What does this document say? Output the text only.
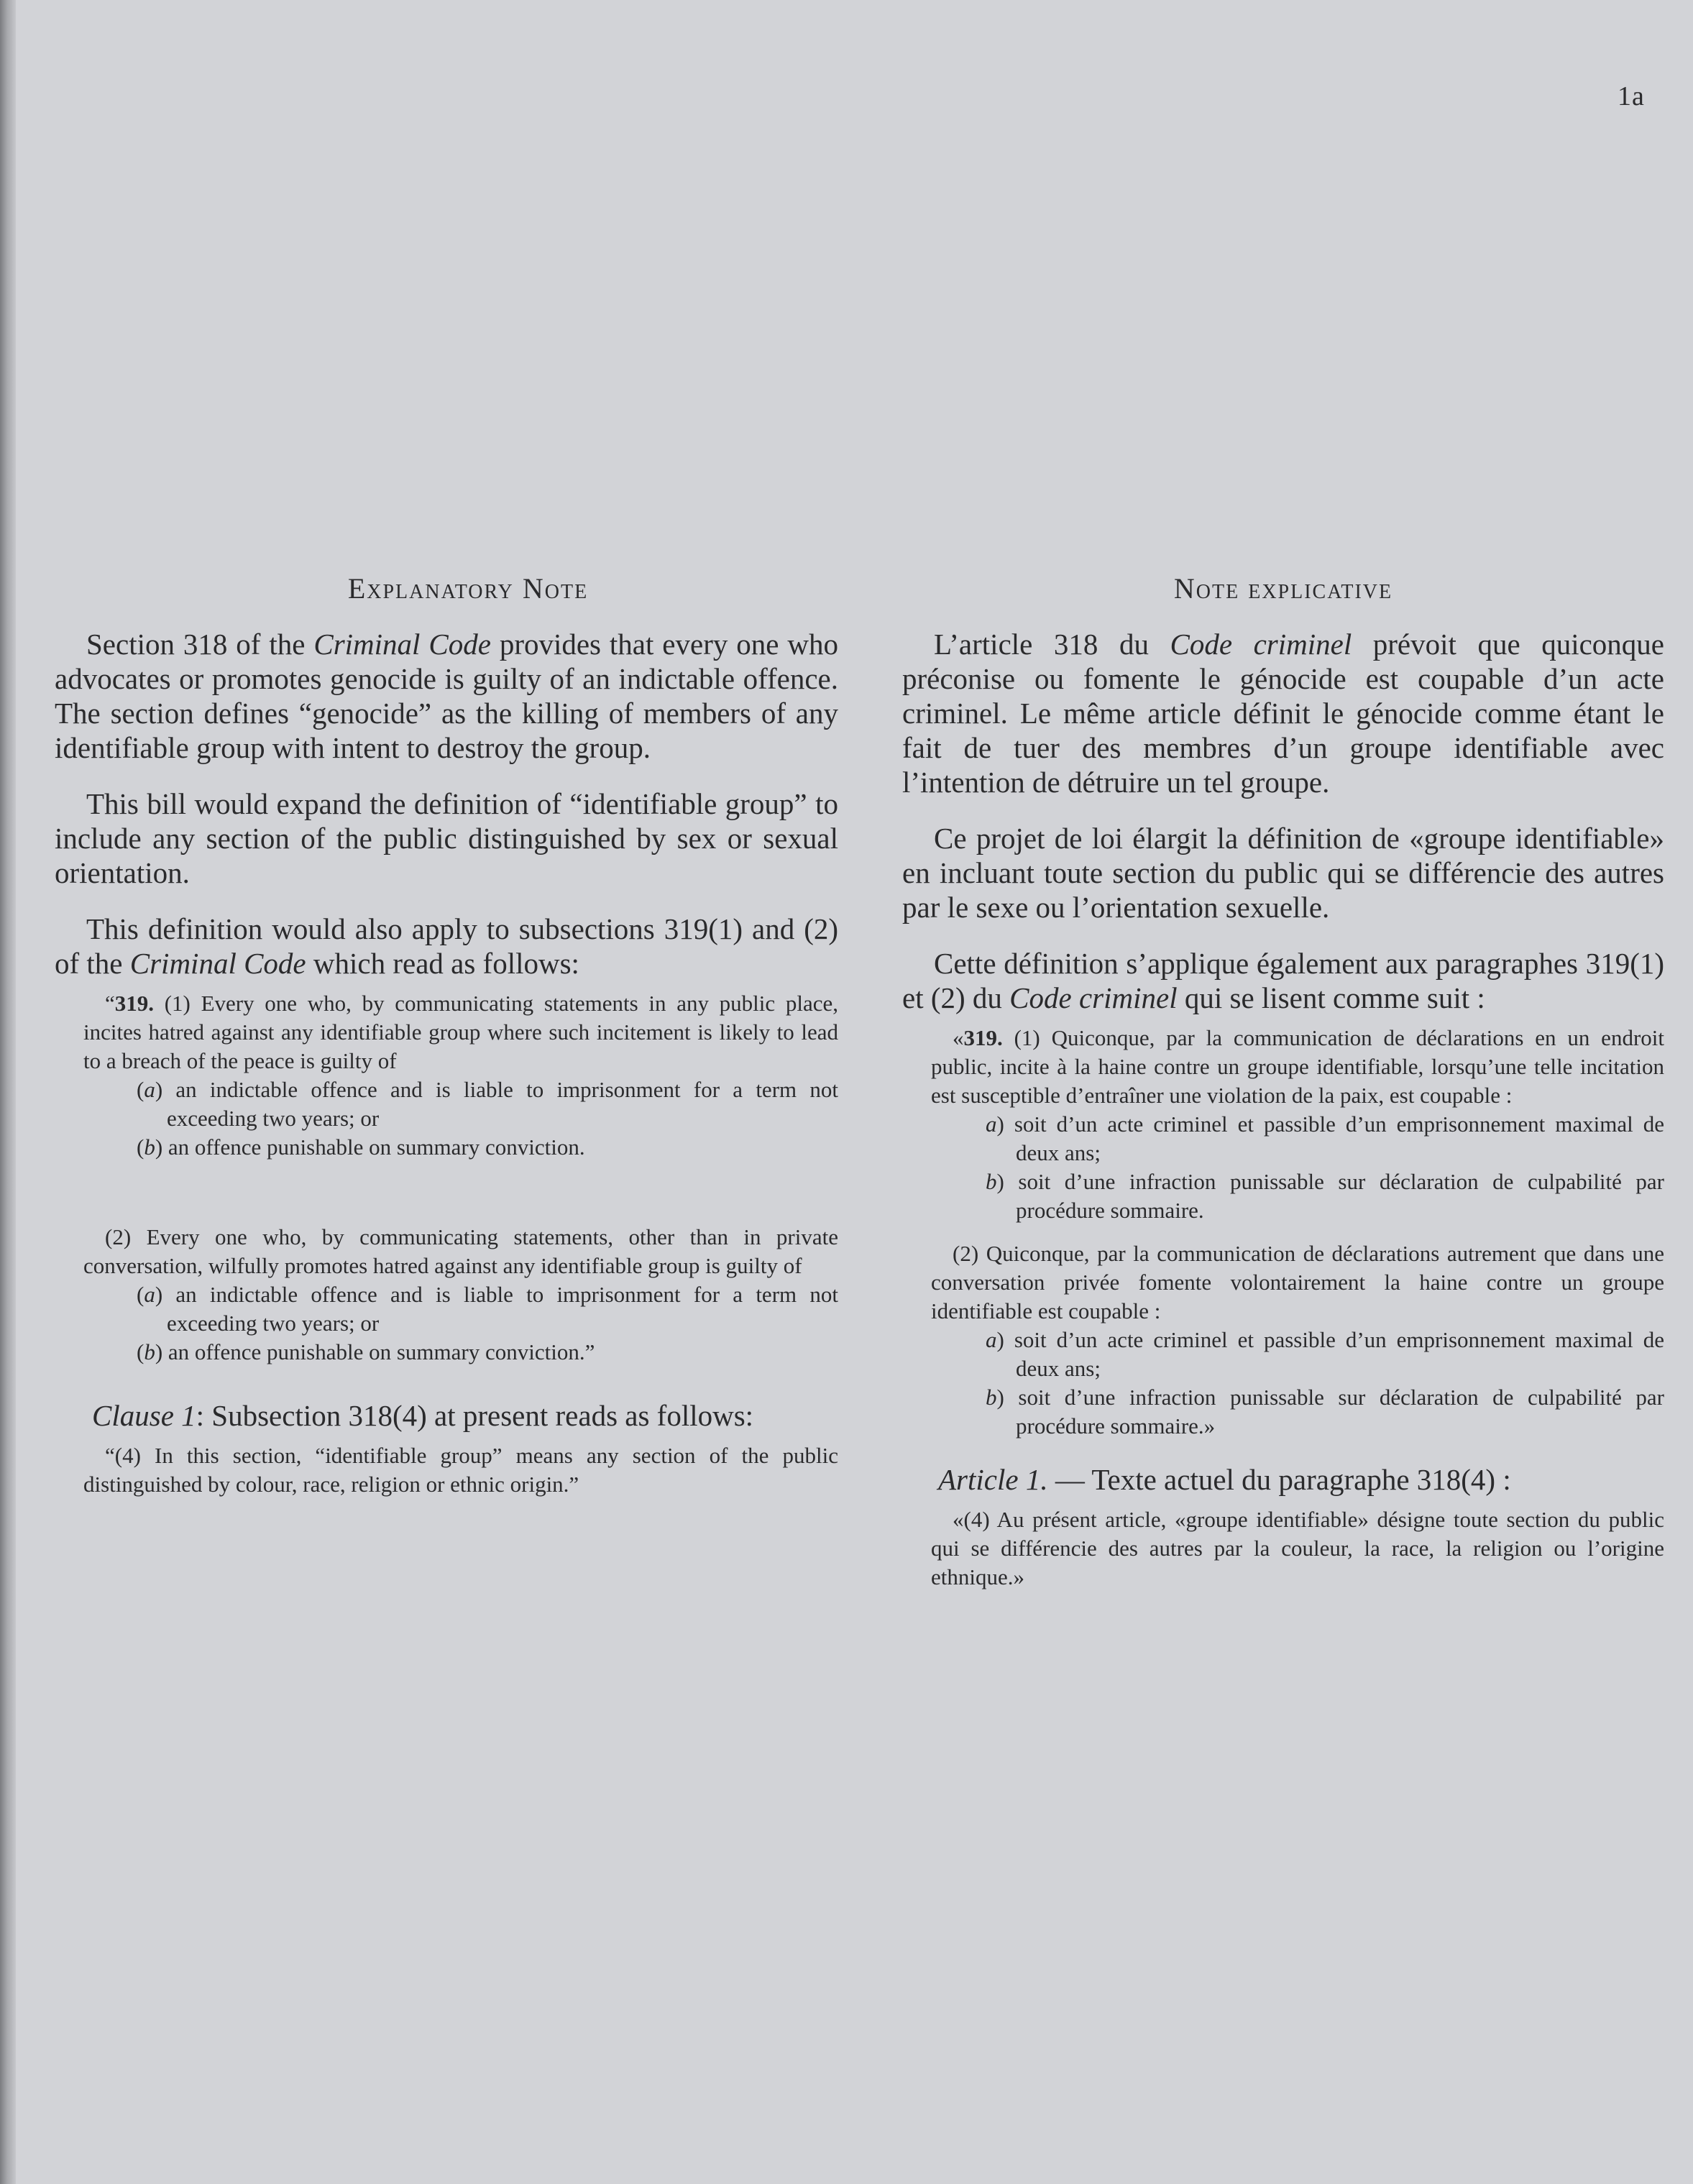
1a
Explanatory Note

Section 318 of the Criminal Code provides that every one who advocates or promotes genocide is guilty of an indictable offence. The section defines “genocide” as the killing of members of any identifiable group with intent to destroy the group.

This bill would expand the definition of “identifiable group” to include any section of the public distinguished by sex or sexual orientation.

This definition would also apply to subsections 319(1) and (2) of the Criminal Code which read as follows:

“319. (1) Every one who, by communicating statements in any public place, incites hatred against any identifiable group where such incitement is likely to lead to a breach of the peace is guilty of

(a) an indictable offence and is liable to imprisonment for a term not exceeding two years; or

(b) an offence punishable on summary conviction.

(2) Every one who, by communicating statements, other than in private conversation, wilfully promotes hatred against any identifiable group is guilty of

(a) an indictable offence and is liable to imprisonment for a term not exceeding two years; or

(b) an offence punishable on summary conviction.”

Clause 1: Subsection 318(4) at present reads as follows:

“(4) In this section, “identifiable group” means any section of the public distinguished by colour, race, religion or ethnic origin.”

Note explicative

L’article 318 du Code criminel prévoit que quiconque préconise ou fomente le génocide est coupable d’un acte criminel. Le même article définit le génocide comme étant le fait de tuer des membres d’un groupe identifiable avec l’intention de détruire un tel groupe.

Ce projet de loi élargit la définition de «groupe identifiable» en incluant toute section du public qui se différencie des autres par le sexe ou l’orientation sexuelle.

Cette définition s’applique également aux paragraphes 319(1) et (2) du Code criminel qui se lisent comme suit :

«319. (1) Quiconque, par la communication de déclarations en un endroit public, incite à la haine contre un groupe identifiable, lorsqu’une telle incitation est susceptible d’entraîner une violation de la paix, est coupable :

a) soit d’un acte criminel et passible d’un emprisonnement maximal de deux ans;

b) soit d’une infraction punissable sur déclaration de culpabilité par procédure sommaire.

(2) Quiconque, par la communication de déclarations autrement que dans une conversation privée fomente volontairement la haine contre un groupe identifiable est coupable :

a) soit d’un acte criminel et passible d’un emprisonnement maximal de deux ans;

b) soit d’une infraction punissable sur déclaration de culpabilité par procédure sommaire.»

Article 1. — Texte actuel du paragraphe 318(4) :

«(4) Au présent article, «groupe identifiable» désigne toute section du public qui se différencie des autres par la couleur, la race, la religion ou l’origine ethnique.»
